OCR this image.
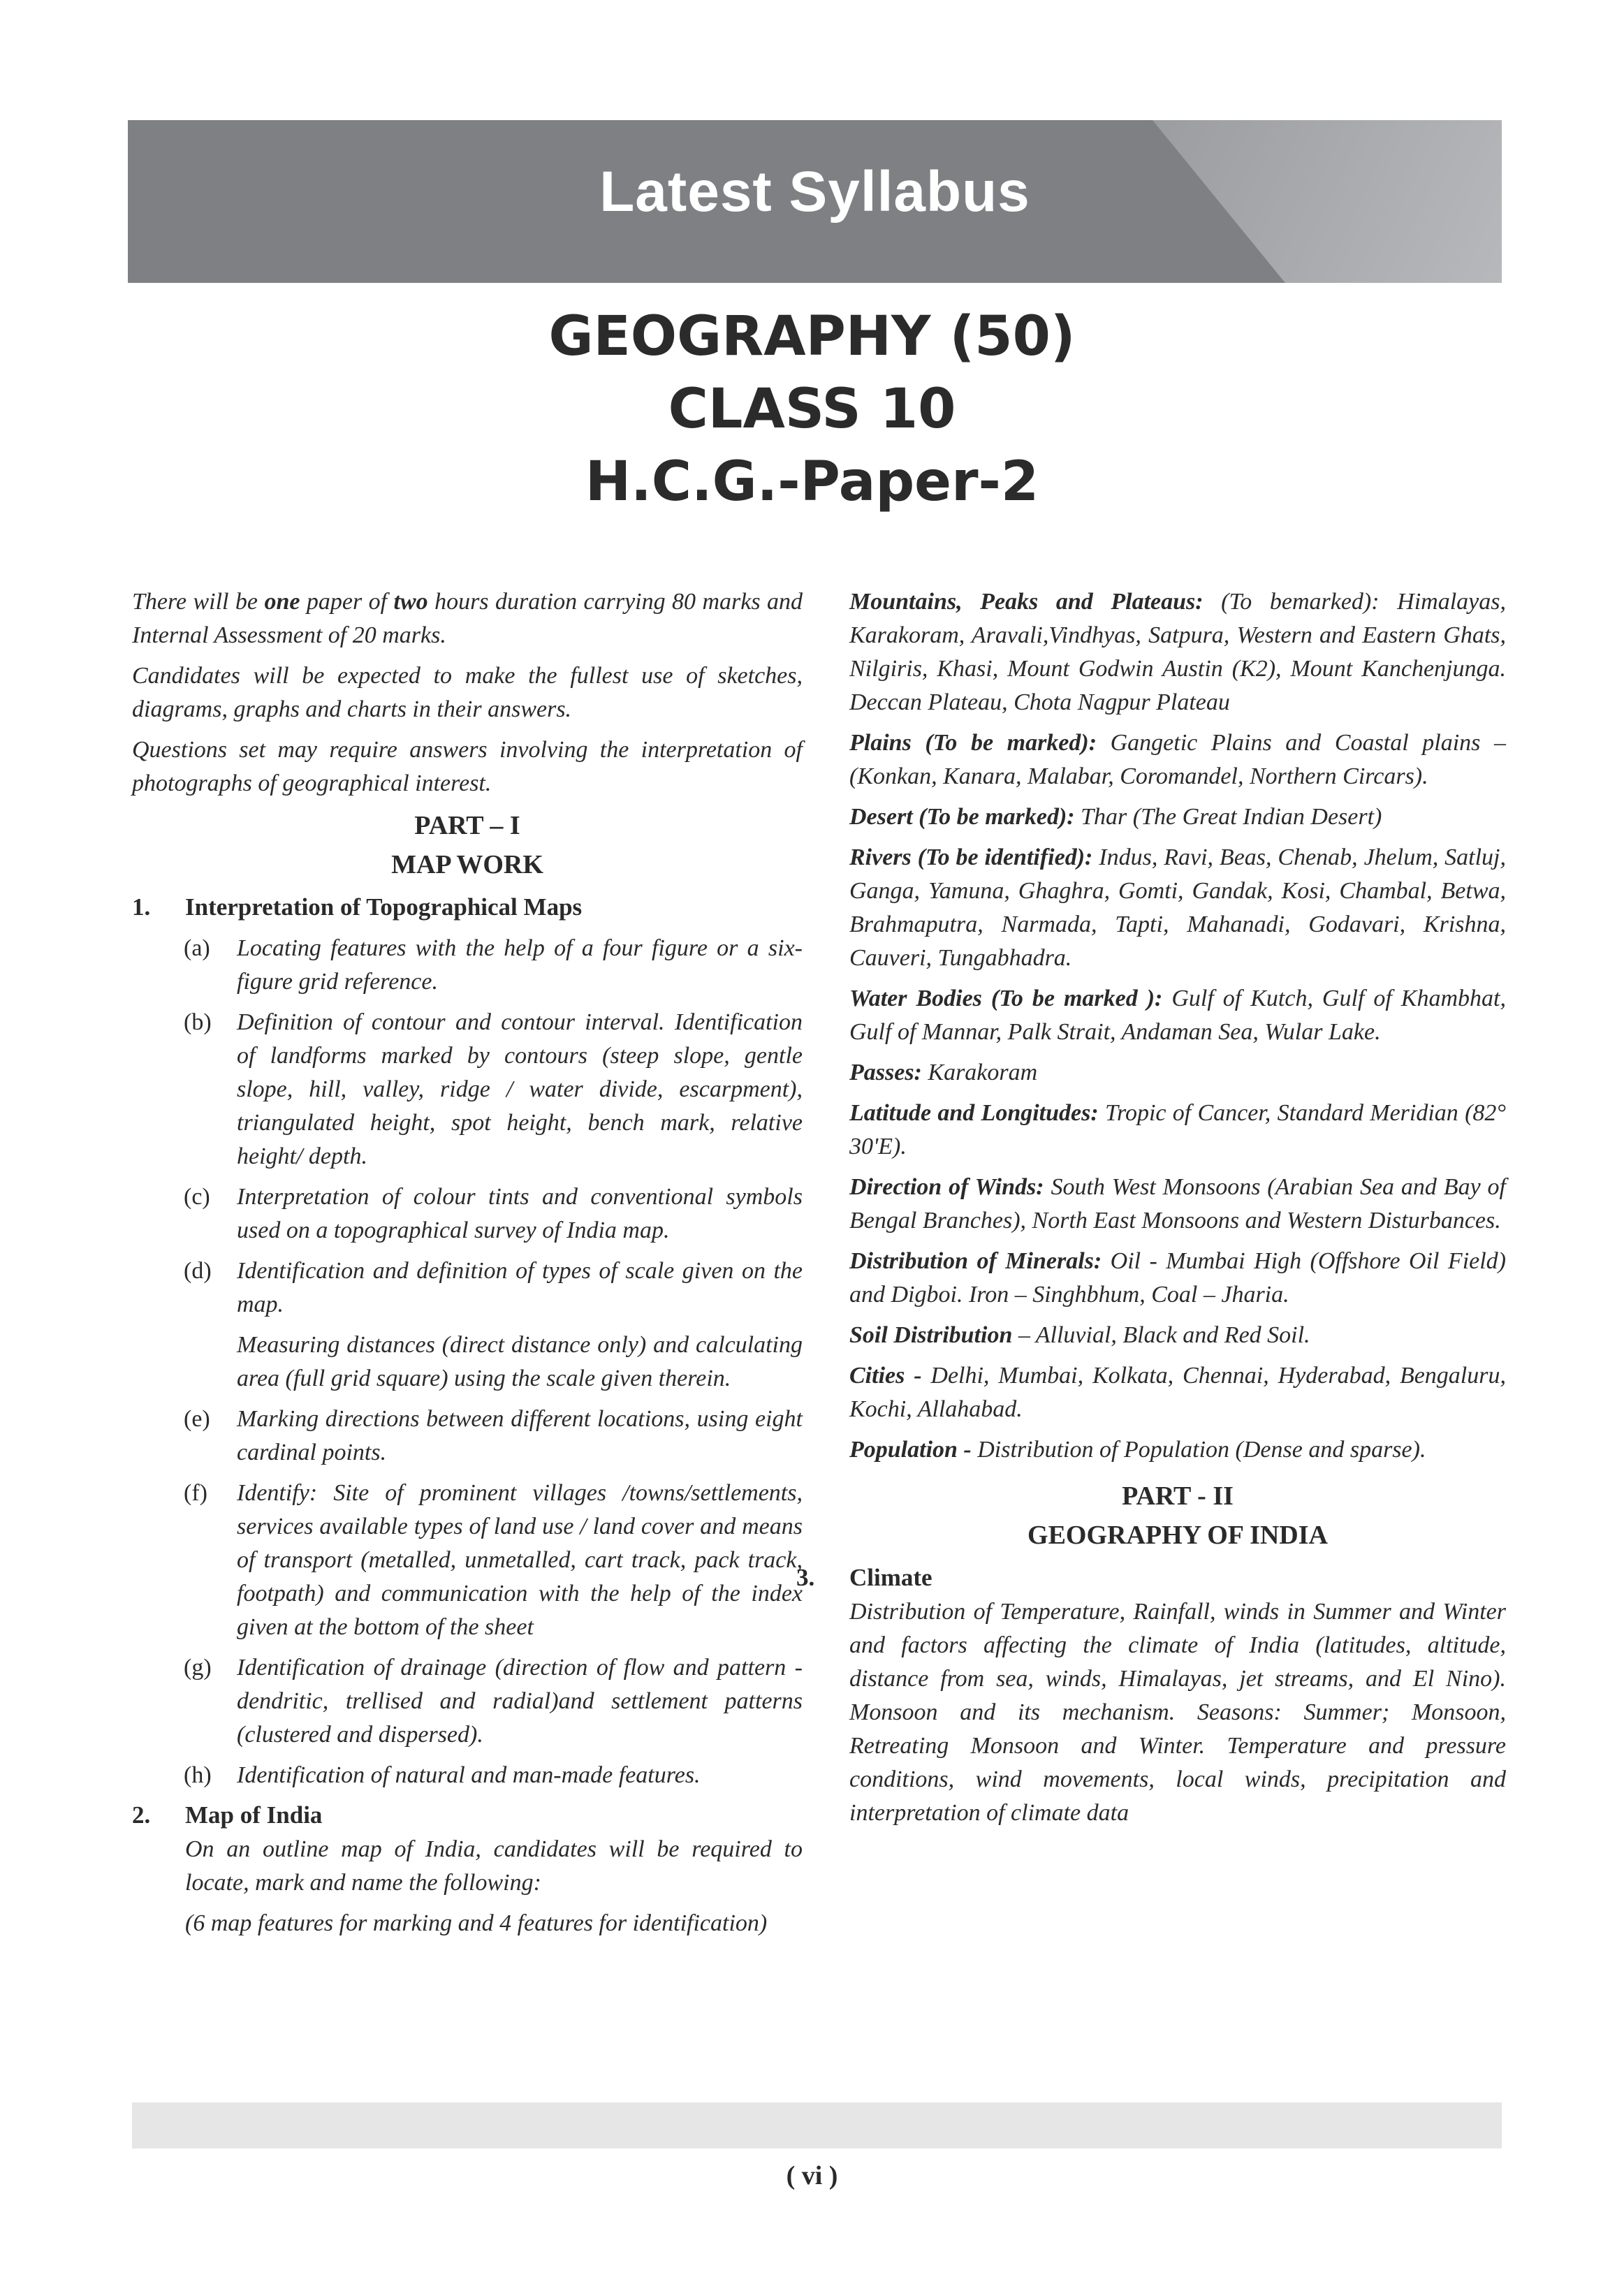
Latest Syllabus
GEOGRAPHY (50)
CLASS 10
H.C.G.-Paper-2

There will be one paper of two hours duration carrying 80 marks and Internal Assessment of 20 marks.

Candidates will be expected to make the fullest use of sketches, diagrams, graphs and charts in their answers.

Questions set may require answers involving the interpretation of photographs of geographical interest.

PART – I
MAP WORK
1. Interpretation of Topographical Maps
(a) Locating features with the help of a four figure or a six-figure grid reference.
(b) Definition of contour and contour interval. Identification of landforms marked by contours (steep slope, gentle slope, hill, valley, ridge / water divide, escarpment), triangulated height, spot height, bench mark, relative height/ depth.
(c) Interpretation of colour tints and conventional symbols used on a topographical survey of India map.
(d) Identification and definition of types of scale given on the map.

Measuring distances (direct distance only) and calculating area (full grid square) using the scale given therein.

(e) Marking directions between different locations, using eight cardinal points.
(f) Identify: Site of prominent villages /towns/settlements, services available types of land use / land cover and means of transport (metalled, unmetalled, cart track, pack track, footpath) and communication with the help of the index given at the bottom of the sheet
(g) Identification of drainage (direction of flow and pattern - dendritic, trellised and radial)and settlement patterns (clustered and dispersed).
(h) Identification of natural and man-made features.
2. Map of India

On an outline map of India, candidates will be required to locate, mark and name the following:

(6 map features for marking and 4 features for identification)

Mountains, Peaks and Plateaus: (To bemarked): Himalayas, Karakoram, Aravali,Vindhyas, Satpura, Western and Eastern Ghats, Nilgiris, Khasi, Mount Godwin Austin (K2), Mount Kanchenjunga. Deccan Plateau, Chota Nagpur Plateau

Plains (To be marked): Gangetic Plains and Coastal plains – (Konkan, Kanara, Malabar, Coromandel, Northern Circars).

Desert (To be marked): Thar (The Great Indian Desert)

Rivers (To be identified): Indus, Ravi, Beas, Chenab, Jhelum, Satluj, Ganga, Yamuna, Ghaghra, Gomti, Gandak, Kosi, Chambal, Betwa, Brahmaputra, Narmada, Tapti, Mahanadi, Godavari, Krishna, Cauveri, Tungabhadra.

Water Bodies (To be marked ): Gulf of Kutch, Gulf of Khambhat, Gulf of Mannar, Palk Strait, Andaman Sea, Wular Lake.

Passes: Karakoram

Latitude and Longitudes: Tropic of Cancer, Standard Meridian (82° 30'E).

Direction of Winds: South West Monsoons (Arabian Sea and Bay of Bengal Branches), North East Monsoons and Western Disturbances.

Distribution of Minerals: Oil - Mumbai High (Offshore Oil Field) and Digboi. Iron – Singhbhum, Coal – Jharia.

Soil Distribution – Alluvial, Black and Red Soil.

Cities - Delhi, Mumbai, Kolkata, Chennai, Hyderabad, Bengaluru, Kochi, Allahabad.

Population - Distribution of Population (Dense and sparse).

PART - II
GEOGRAPHY OF INDIA
3. Climate

Distribution of Temperature, Rainfall, winds in Summer and Winter and factors affecting the climate of India (latitudes, altitude, distance from sea, winds, Himalayas, jet streams, and El Nino). Monsoon and its mechanism. Seasons: Summer; Monsoon, Retreating Monsoon and Winter. Temperature and pressure conditions, wind movements, local winds, precipitation and interpretation of climate data

( vi )
